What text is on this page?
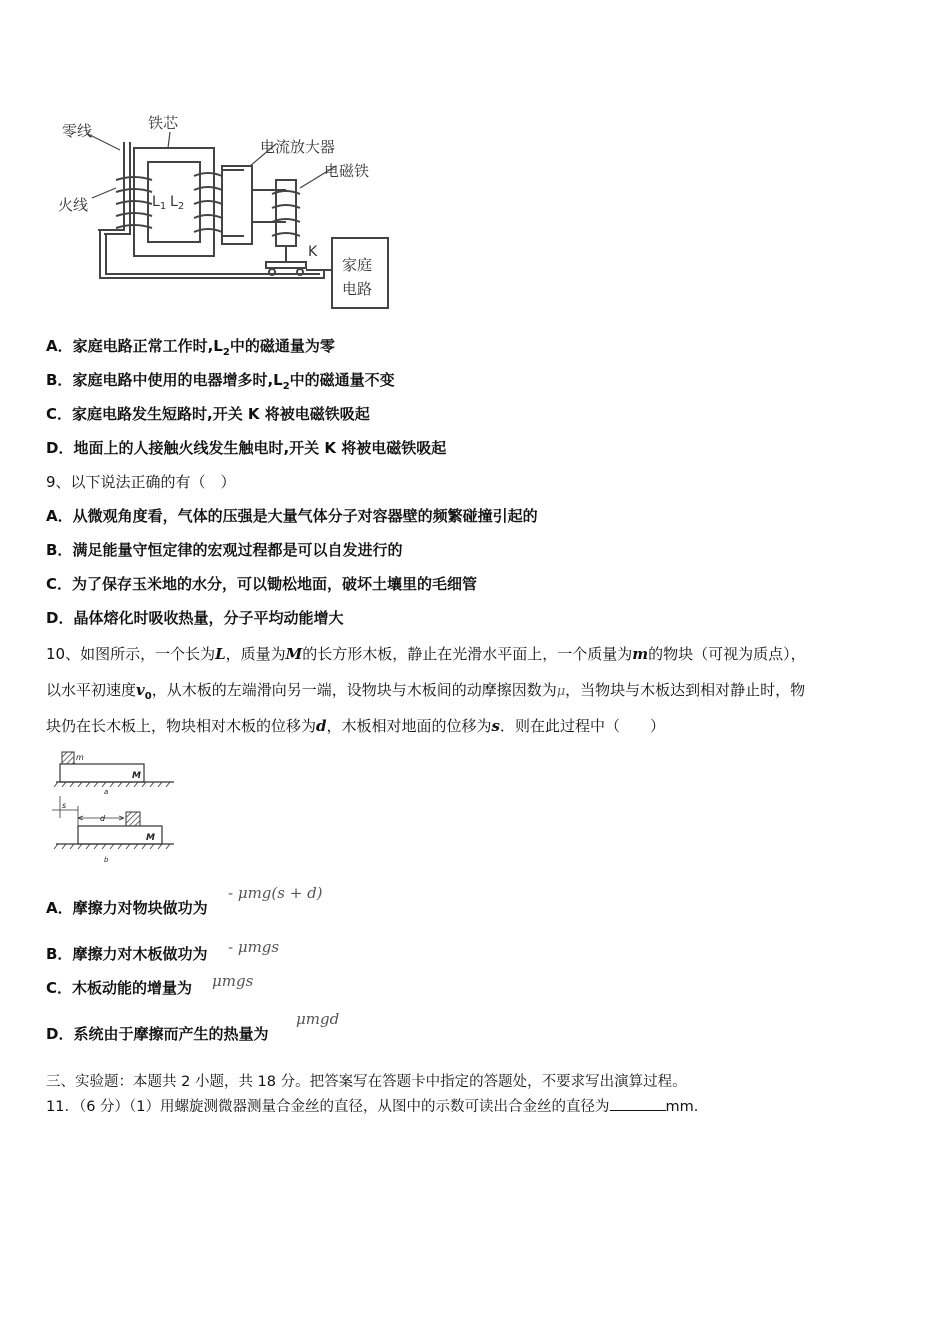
零线
火线
铁芯
$L_1$ $L_2$
电流放大器
电磁铁
K
家庭
电路
A．家庭电路正常工作时$,L_2$中的磁通量为零
B．家庭电路中使用的电器增多时$,L_2$中的磁通量不变
C．家庭电路发生短路时,开关 K 将被电磁铁吸起
D．地面上的人接触火线发生触电时,开关 K 将被电磁铁吸起
9、以下说法正确的有（　）
A．从微观角度看，气体的压强是大量气体分子对容器壁的频繁碰撞引起的
B．满足能量守恒定律的宏观过程都是可以自发进行的
C．为了保存玉米地的水分，可以锄松地面，破坏土壤里的毛细管
D．晶体熔化时吸收热量，分子平均动能增大
10、如图所示，一个长为L，质量为M的长方形木板，静止在光滑水平面上，一个质量为m的物块（可视为质点），
以水平初速度$v_0$，从木板的左端滑向另一端，设物块与木板间的动摩擦因数为μ，当物块与木板达到相对静止时，物
块仍在长木板上，物块相对木板的位移为d，木板相对地面的位移为s．则在此过程中（　　）
m
M
a
s
d
M
b
A．摩擦力对物块做功为
- μmg(s + d)
B．摩擦力对木板做功为 - μmgs
C．木板动能的增量为 μmgs
D．系统由于摩擦而产生的热量为
μmgd
三、实验题：本题共 2 小题，共 18 分。把答案写在答题卡中指定的答题处，不要求写出演算过程。
11．（6 分）（1）用螺旋测微器测量合金丝的直径，从图中的示数可读出合金丝的直径为	mm.
